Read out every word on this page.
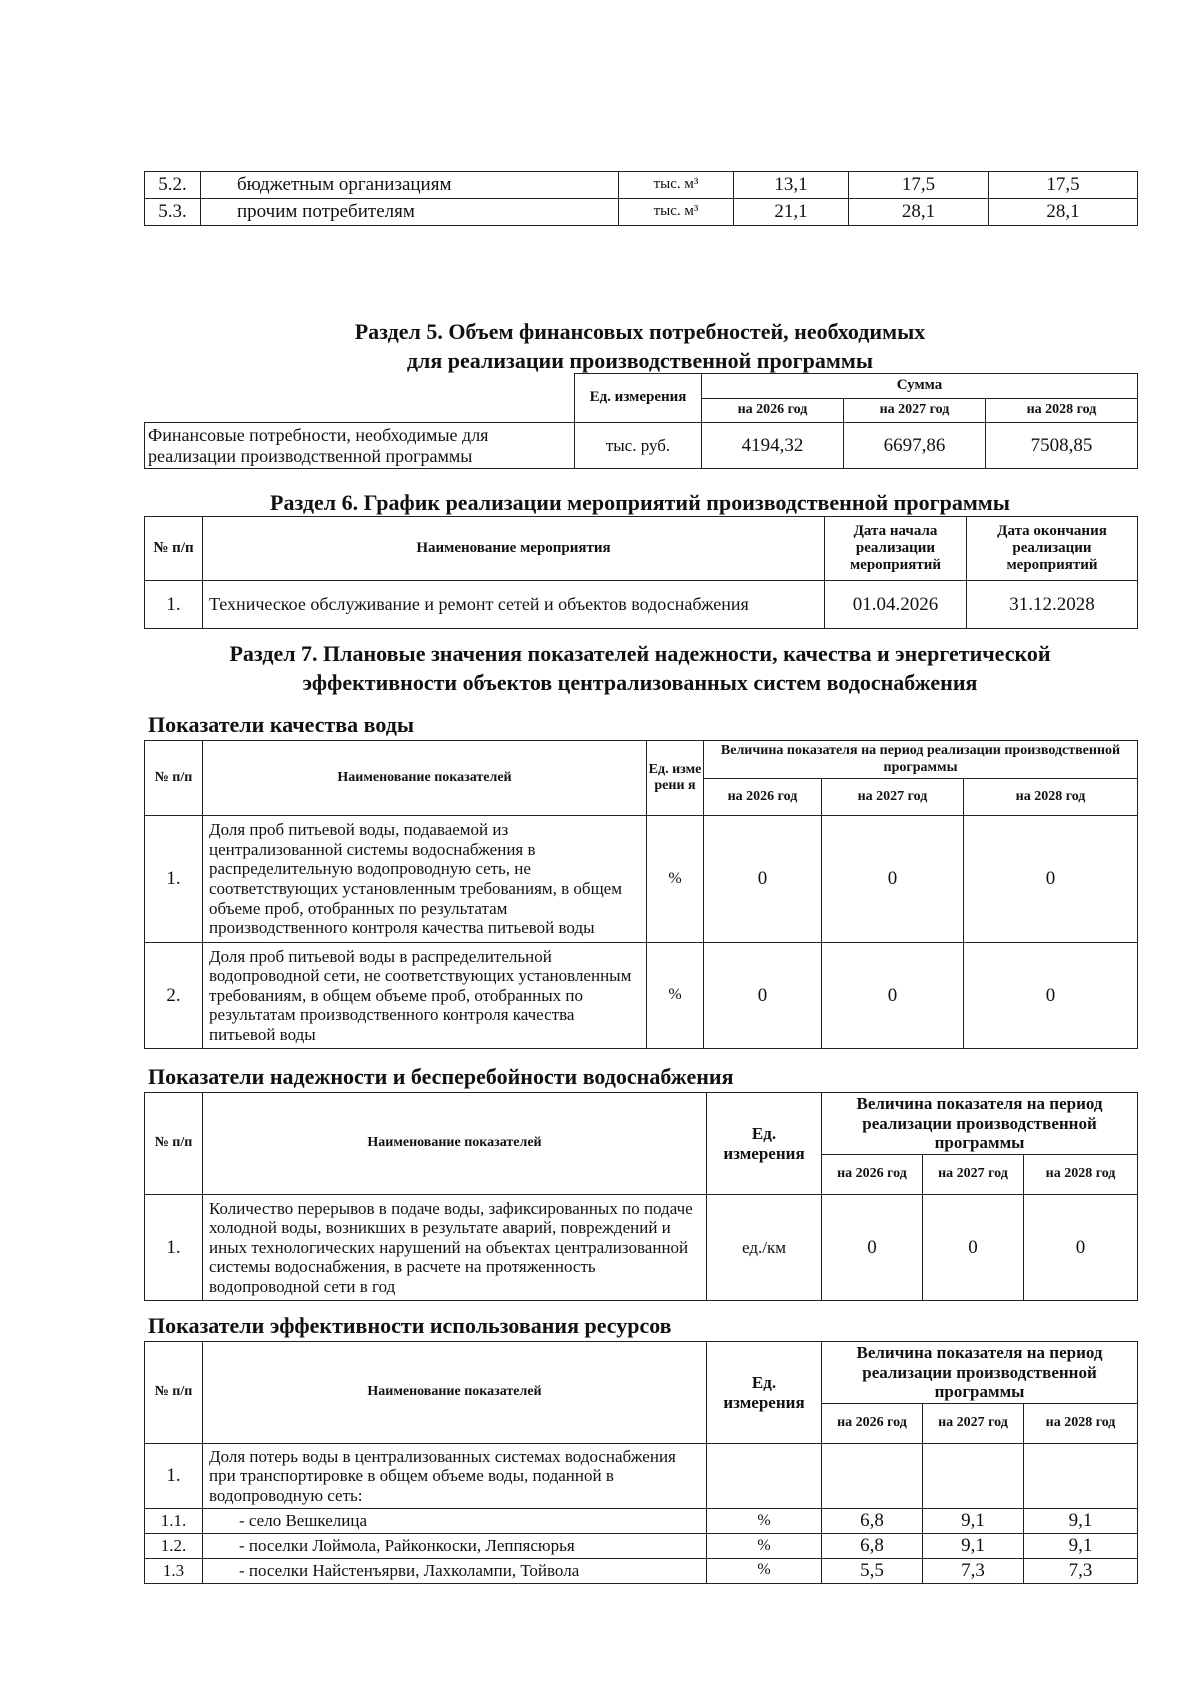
5.2.	бюджетным организациям	тыс. м³	13,1	17,5	17,5
5.3.	прочим потребителям	тыс. м³	21,1	28,1	28,1
Раздел 5. Объем финансовых потребностей, необходимых
для реализации производственной программы
	Ед. измерения	Сумма		
		на 2026 год	на 2027 год	на 2028 год
Финансовые потребности, необходимые для реализации производственной программы	тыс. руб.	4194,32	6697,86	7508,85
Раздел 6. График реализации мероприятий производственной программы
№ п/п	Наименование мероприятия	Дата начала реализации мероприятий	Дата окончания реализации мероприятий
1.	Техническое обслуживание и ремонт сетей и объектов водоснабжения	01.04.2026	31.12.2028
Раздел 7. Плановые значения показателей надежности, качества и энергетической
эффективности объектов централизованных систем водоснабжения
Показатели качества воды
№ п/п	Наименование показателей	Ед. изме рени я	Величина показателя на период реализации производственной программы		
			на 2026 год	на 2027 год	на 2028 год
1.	Доля проб питьевой воды, подаваемой из централизованной системы водоснабжения в распределительную водопроводную сеть, не соответствующих установленным требованиям, в общем объеме проб, отобранных по результатам производственного контроля качества питьевой воды	%	0	0	0
2.	Доля проб питьевой воды в распределительной водопроводной сети, не соответствующих установленным требованиям, в общем объеме проб, отобранных по результатам производственного контроля качества питьевой воды	%	0	0	0
Показатели надежности и бесперебойности водоснабжения
№ п/п	Наименование показателей	Ед. измерения	Величина показателя на период реализации производственной программы		
			на 2026 год	на 2027 год	на 2028 год
1.	Количество перерывов в подаче воды, зафиксированных по подаче холодной воды, возникших в результате аварий, повреждений и иных технологических нарушений на объектах централизованной системы водоснабжения, в расчете на протяженность водопроводной сети в год	ед./км	0	0	0
Показатели эффективности использования ресурсов
№ п/п	Наименование показателей	Ед. измерения	Величина показателя на период реализации производственной программы		
			на 2026 год	на 2027 год	на 2028 год
1.	Доля потерь воды в централизованных системах водоснабжения при транспортировке в общем объеме воды, поданной в водопроводную сеть:				
1.1.	- село Вешкелица	%	6,8	9,1	9,1
1.2.	- поселки Лоймола, Райконкоски, Леппясюрья	%	6,8	9,1	9,1
1.3	- поселки Найстенъярви, Лахколампи, Тойвола	%	5,5	7,3	7,3
